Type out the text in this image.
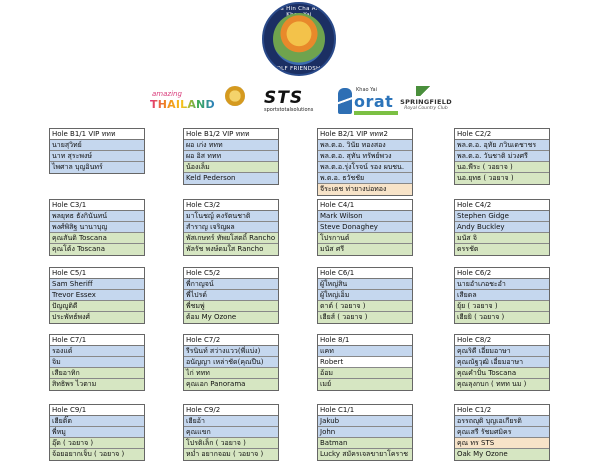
Hua Hin Cha Am -
GOLF FRIENDSHIP
amazing
THAILAND	STS
sportstotalsolutions
Khao Yai
orat	SPRINGFIELD
Royal Country Club
Hole B1/1 VIP ททท
นายสุวิทย์
นาท สุระพงษ์
ไพศาล บุญอินทร์
Hole B1/2 VIP ททท
ผอ เก่ง ททท
ผอ อิส ททท
น้องเล็ม
Keld Pederson
Hole B2/1 VIP ททท2
พล.ต.อ. วินัย ทองสอง
พล.ต.อ. สุทัน ทรัพย์พวง
พล.ต.อ.รุ่งโรจน์ รอง ผบชน.
พ.ต.อ. ธวัชชัย
จีระเดช ท่ายางบ่อทอง
Hole C2/2
พล.ต.อ. อุทัย ภวินเดชาชร
พล.ต.อ. วันชาติ ม่วงศรี
นอ.พีระ ( วอยาจ )
นอ.ยุทธ ( วอยาจ )
Hole C3/1
พลยุทธ ธังกินันทน์
พงศ์พิสิฐ นานาบุญ
คุณสันติ Toscana
คุณโต้ง Toscana
Hole C3/2
มาโนชญ์ คงรัตนชาติ
สำราญ เจริญผล
พัสเกษทร์ ทัพยโสตถิ์ Rancho
พัลรัช พงษ์ดมใส Rancho
Hole C4/1
Mark Wilson
Steve Donaghey
โปรกานต์
มนัส ศรี
Hole C4/2
Stephen Gidge
Andy Buckley
มนัส จิ
ดรรชัต
Hole C5/1
Sam Sheriff
Trevor Essex
ปัญญูติดี
ประพัทธ์พงศ์
Hole C5/2
พี่กาญจน์
พี่ไปรด์
พี่ชมพู่
ต้อม My Ozone
Hole C6/1
ผู้ใหญ่สิน
ผู้ใหญ่เอ็ม
ตาต์ ( วอยาจ )
เฮียส์ ( วอยาจ )
Hole C6/2
นายอำเภอชะอำ
เสียดล
ยุ้ย ( วอยาจ )
เฮียยิ ( วอยาจ )
Hole C7/1
รองแด์
จิม
เสียอาทิก
สิทธิพร ไวตาม
Hole C7/2
รีรนินท์ สว่างแวว(พี่แบ่ง)
อนัญญา เหล่าชัด(คุณปืน)
ไก่ ททท
คุณเอก Panorama
Hole 8/1
แคท
Robert
อ้อม
เมย์
Hole C8/2
คุณริดี เอี่ยมอาษา
คุณณัฐวุฒิ เอี่ยมอาษา
คุณคำปั่น Toscana
คุณลุงกบก ( ททท นม )
Hole C9/1
เฮียติ๊ต
พี่หมู
อุ๊ด ( วอยาจ )
จ้อยอยากเจ็บ ( วอยาจ )
Hole C9/2
เฮียอ้า
คุณแขก
โปรติเล็ก ( วอยาจ )
หม่ำ อยากจอม ( วอยาจ )
Hole C1/1
Jakub
John
Batman
Lucky สมัครเจลขายาโคราช
Hole C1/2
อรรถญุติ บุญเอเกียรติ
คุณเสรี รัชมศมิคร
คุณ ทร STS
Oak My Ozone
